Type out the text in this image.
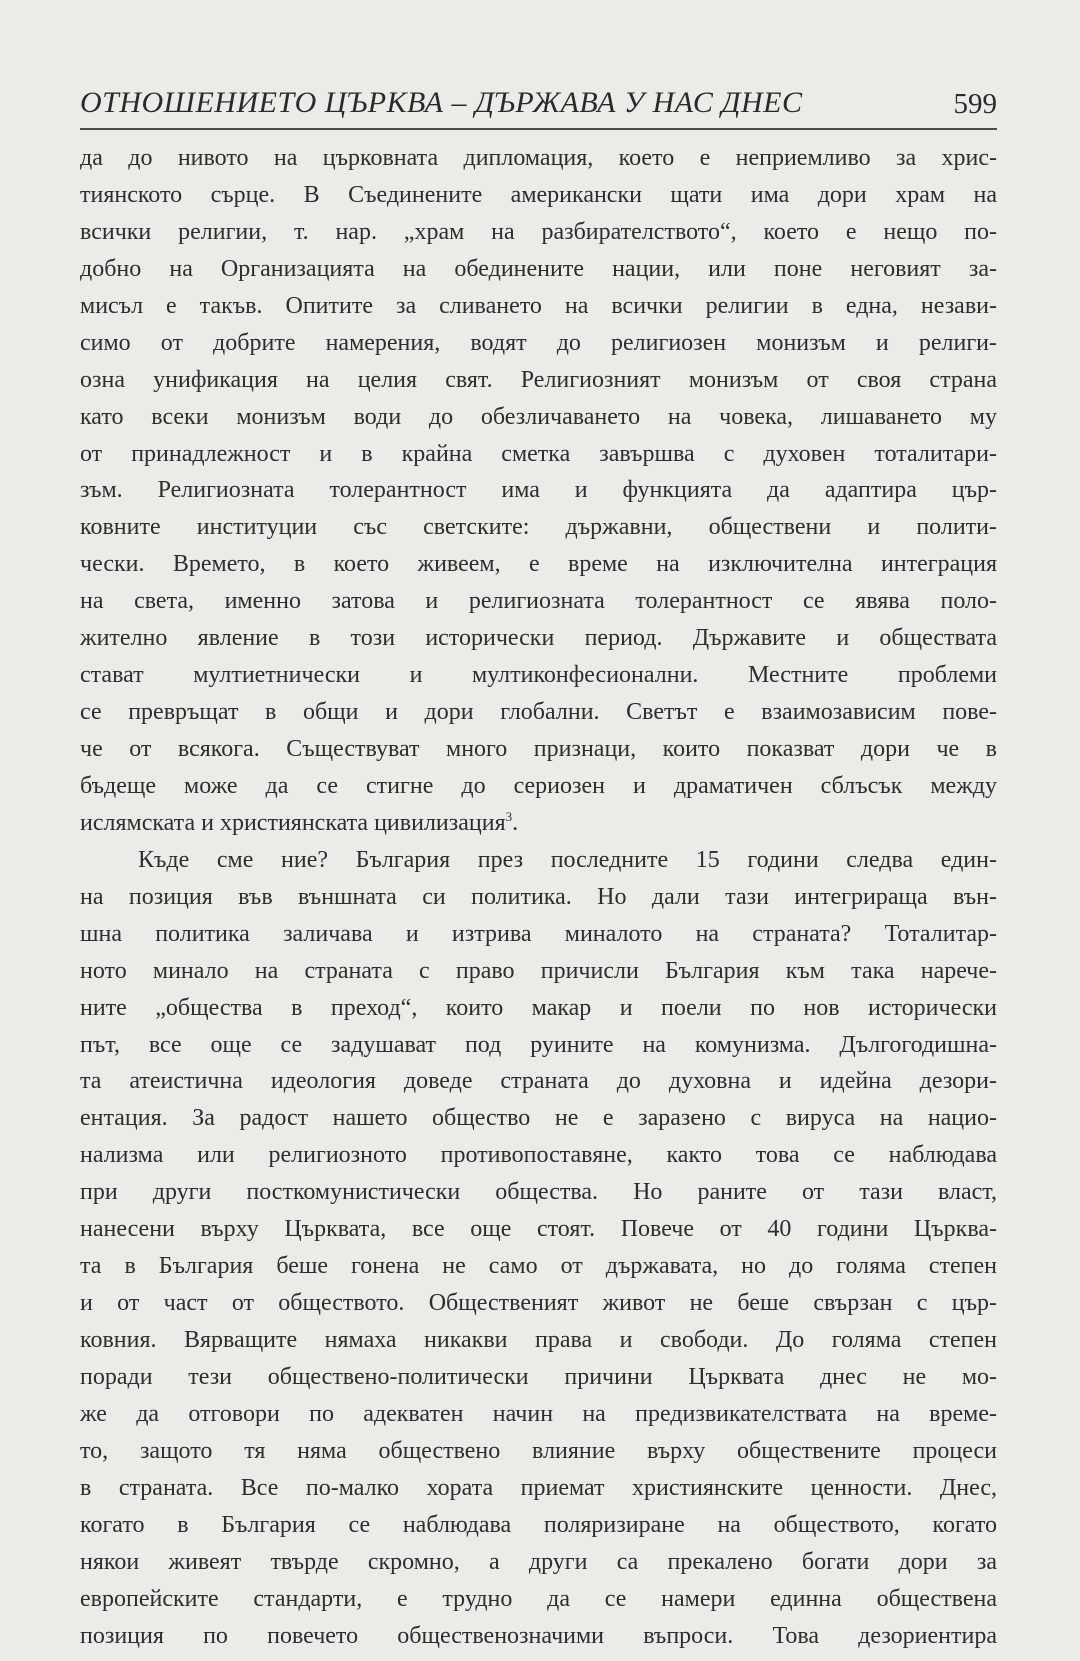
ОТНОШЕНИЕТО ЦЪРКВА – ДЪРЖАВА У НАС ДНЕС	599
да до нивото на църковната дипломация, което е неприемливо за хрис-
тиянското сърце. В Съединените американски щати има дори храм на
всички религии, т. нар. „храм на разбирателството“, което е нещо по-
добно на Организацията на обединените нации, или поне неговият за-
мисъл е такъв. Опитите за сливането на всички религии в една, незави-
симо от добрите намерения, водят до религиозен монизъм и религи-
озна унификация на целия свят. Религиозният монизъм от своя страна
като всеки монизъм води до обезличаването на човека, лишаването му
от принадлежност и в крайна сметка завършва с духовен тоталитари-
зъм. Религиозната толерантност има и функцията да адаптира цър-
ковните институции със светските: държавни, обществени и полити-
чески. Времето, в което живеем, е време на изключителна интеграция
на света, именно затова и религиозната толерантност се явява поло-
жително явление в този исторически период. Държавите и обществата
стават мултиетнически и мултиконфесионални. Местните проблеми
се превръщат в общи и дори глобални. Светът е взаимозависим пове-
че от всякога. Съществуват много признаци, които показват дори че в
бъдеще може да се стигне до сериозен и драматичен сблъсък между
ислямската и християнската цивилизация$^3$.
Къде сме ние? България през последните 15 години следва един-
на позиция във външната си политика. Но дали тази интегрираща вън-
шна политика заличава и изтрива миналото на страната? Тоталитар-
ното минало на страната с право причисли България към така нарече-
ните „общества в преход“, които макар и поели по нов исторически
път, все още се задушават под руините на комунизма. Дългогодишна-
та атеистична идеология доведе страната до духовна и идейна дезори-
ентация. За радост нашето общество не е заразено с вируса на нацио-
нализма или религиозното противопоставяне, както това се наблюдава
при други посткомунистически общества. Но раните от тази власт,
нанесени върху Църквата, все още стоят. Повече от 40 години Църква-
та в България беше гонена не само от държавата, но до голяма степен
и от част от обществото. Общественият живот не беше свързан с цър-
ковния. Вярващите нямаха никакви права и свободи. До голяма степен
поради тези обществено-политически причини Църквата днес не мо-
же да отговори по адекватен начин на предизвикателствата на време-
то, защото тя няма обществено влияние върху обществените процеси
в страната. Все по-малко хората приемат християнските ценности. Днес,
когато в България се наблюдава поляризиране на обществото, когато
някои живеят твърде скромно, а други са прекалено богати дори за
европейските стандарти, е трудно да се намери единна обществена
позиция по повечето общественозначими въпроси. Това дезориентира
